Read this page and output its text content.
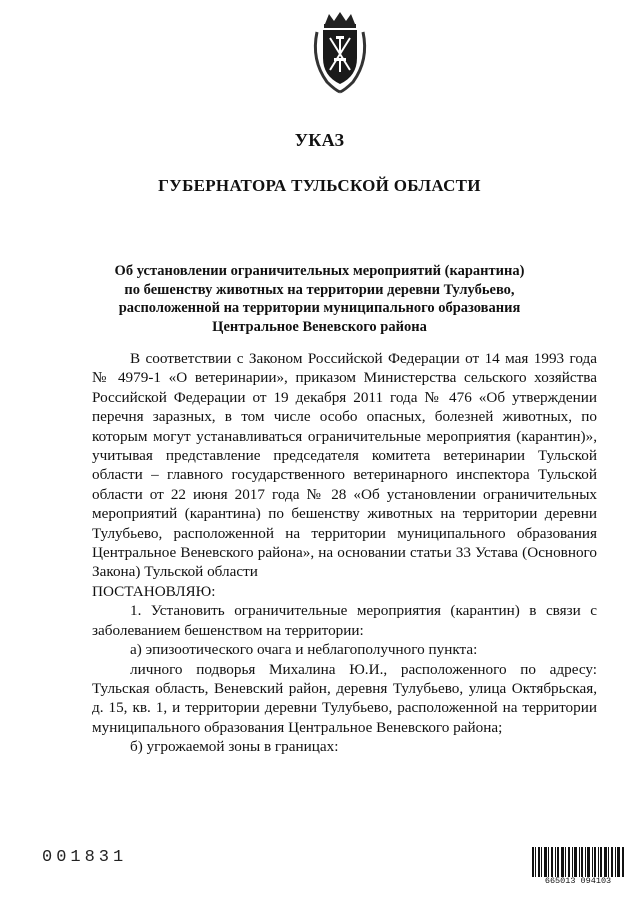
УКАЗ
ГУБЕРНАТОРА ТУЛЬСКОЙ ОБЛАСТИ
Об установлении ограничительных мероприятий (карантина)
по бешенству животных на территории деревни Тулубьево,
расположенной на территории муниципального образования
Центральное Веневского района

В соответствии с Законом Российской Федерации от 14 мая 1993 года № 4979-1 «О ветеринарии», приказом Министерства сельского хозяйства Российской Федерации от 19 декабря 2011 года № 476 «Об утверждении перечня заразных, в том числе особо опасных, болезней животных, по которым могут устанавливаться ограничительные мероприятия (карантин)», учитывая представление председателя комитета ветеринарии Тульской области – главного государственного ветеринарного инспектора Тульской области от 22 июня 2017 года № 28 «Об установлении ограничительных мероприятий (карантина) по бешенству животных на территории деревни Тулубьево, расположенной на территории муниципального образования Центральное Веневского района», на основании статьи 33 Устава (Основного Закона) Тульской области

ПОСТАНОВЛЯЮ:

1. Установить ограничительные мероприятия (карантин) в связи с заболеванием бешенством на территории:

а) эпизоотического очага и неблагополучного пункта:

личного подворья Михалина Ю.И., расположенного по адресу: Тульская область, Веневский район, деревня Тулубьево, улица Октябрьская, д. 15, кв. 1, и территории деревни Тулубьево, расположенной на территории муниципального образования Центральное Веневского района;

б) угрожаемой зоны в границах:

001831
665013 094103
